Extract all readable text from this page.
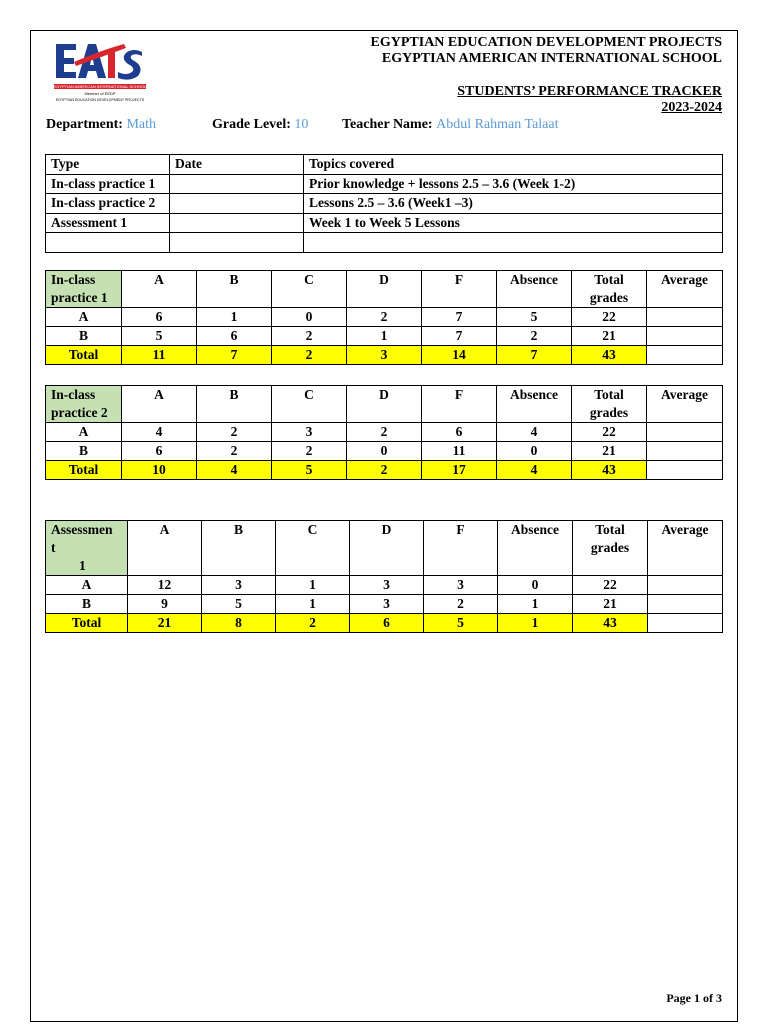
EGYPTIAN AMERICAN INTERNATIONAL SCHOOL
Member of EEDP
EGYPTIAN EDUCATION DEVELOPMENT PROJECTS
EGYPTIAN EDUCATION DEVELOPMENT PROJECTS
EGYPTIAN AMERICAN INTERNATIONAL SCHOOL
STUDENTS’ PERFORMANCE TRACKER
2023-2024
Department: Math	Grade Level: 10	Teacher Name: Abdul Rahman Talaat
Type	Date	Topics covered
In-class practice 1		Prior knowledge + lessons 2.5 – 3.6 (Week 1-2)
In-class practice 2		Lessons 2.5 – 3.6 (Week1 –3)
Assessment 1		Week 1 to Week 5 Lessons

In-class
practice 1	A	B	C	D	F	Absence	Total grades	Average
A	6	1	0	2	7	5	22	
B	5	6	2	1	7	2	21	
Total	11	7	2	3	14	7	43	
In-class
practice 2	A	B	C	D	F	Absence	Total grades	Average
A	4	2	3	2	6	4	22	
B	6	2	2	0	11	0	21	
Total	10	4	5	2	17	4	43	
Assessmen
t
1	A	B	C	D	F	Absence	Total grades	Average
A	12	3	1	3	3	0	22	
B	9	5	1	3	2	1	21	
Total	21	8	2	6	5	1	43	
Page 1 of 3
